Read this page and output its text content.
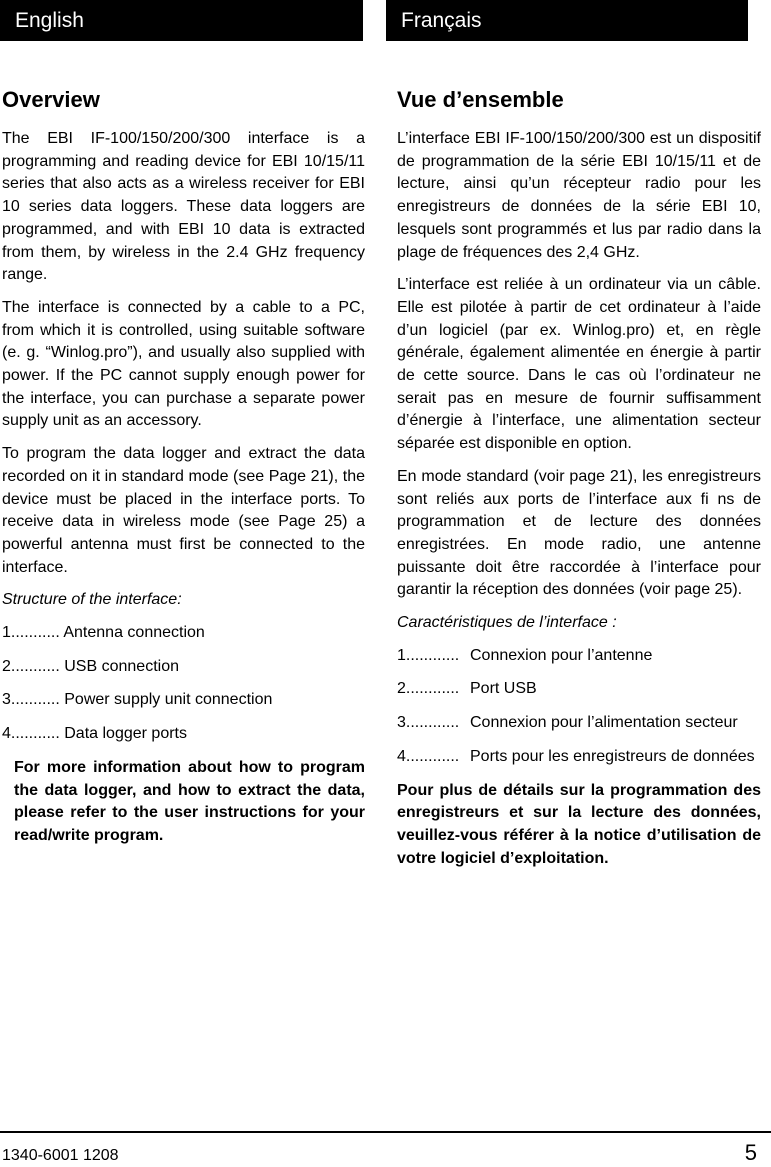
English	Français
Overview

The EBI IF-100/150/200/300 interface is a programming and reading device for EBI 10/15/11 series that also acts as a wireless receiver for EBI 10 series data loggers. These data loggers are programmed, and with EBI 10 data is extracted from them, by wireless in the 2.4 GHz frequency range.

The interface is connected by a cable to a PC, from which it is controlled, using suitable software (e. g. “Winlog.pro”), and usually also supplied with power. If the PC cannot supply enough power for the interface, you can purchase a separate power supply unit as an accessory.

To program the data logger and extract the data recorded on it in standard mode (see Page 21), the device must be placed in the interface ports. To receive data in wireless mode (see Page 25) a powerful antenna must first be connected to the interface.

Structure of the interface:

1........... Antenna connection
2........... USB connection
3........... Power supply unit connection
4........... Data logger ports

For more information about how to program the data logger, and how to extract the data, please refer to the user instructions for your read/write program.

Vue d’ensemble

L’interface EBI IF-100/150/200/300 est un dispositif de programmation de la série EBI 10/15/11 et de lecture, ainsi qu’un récepteur radio pour les enregistreurs de données de la série EBI 10, lesquels sont programmés et lus par radio dans la plage de fréquences des 2,4 GHz.

L’interface est reliée à un ordinateur via un câble. Elle est pilotée à partir de cet ordinateur à l’aide d’un logiciel (par ex. Winlog.pro) et, en règle générale, également alimentée en énergie à partir de cette source. Dans le cas où l’ordinateur ne serait pas en mesure de fournir suffisamment d’énergie à l’interface, une alimentation secteur séparée est disponible en option.

En mode standard (voir page 21), les enregistreurs sont reliés aux ports de l’interface aux fi ns de programmation et de lecture des données enregistrées. En mode radio, une antenne puissante doit être raccordée à l’interface pour garantir la réception des données (voir page 25).

Caractéristiques de l’interface :

1............ Connexion pour l’antenne
2............ Port USB
3............ Connexion pour l’alimentation secteur
4............ Ports pour les enregistreurs de données

Pour plus de détails sur la programmation des enregistreurs et sur la lecture des données, veuillez-vous référer à la notice d’utilisation de votre logiciel d’exploitation.

1340-6001 1208	5
